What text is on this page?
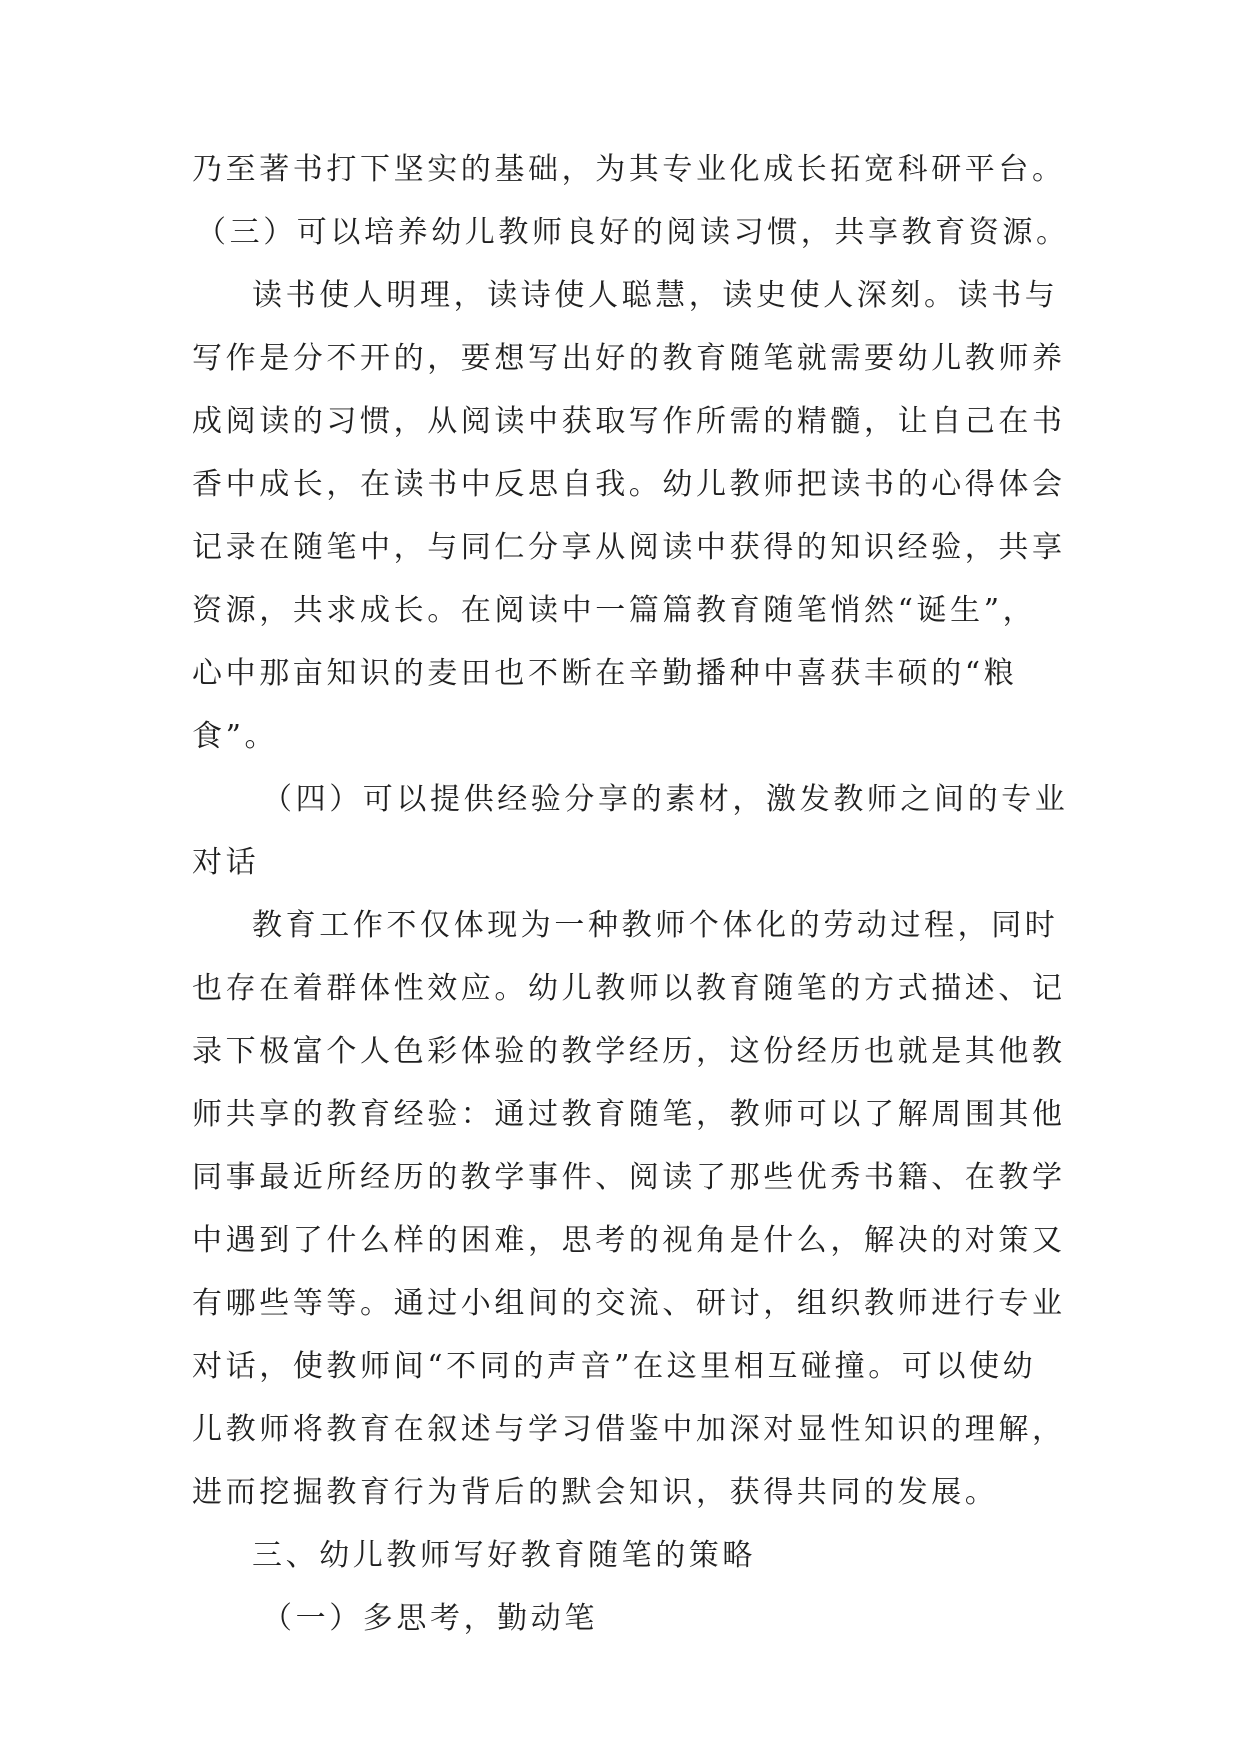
乃至著书打下坚实的基础，为其专业化成长拓宽科研平台。

（三）可以培养幼儿教师良好的阅读习惯，共享教育资源。

读书使人明理，读诗使人聪慧，读史使人深刻。读书与

写作是分不开的，要想写出好的教育随笔就需要幼儿教师养

成阅读的习惯，从阅读中获取写作所需的精髓，让自己在书

香中成长，在读书中反思自我。幼儿教师把读书的心得体会

记录在随笔中，与同仁分享从阅读中获得的知识经验，共享

资源，共求成长。在阅读中一篇篇教育随笔悄然“诞生”，

心中那亩知识的麦田也不断在辛勤播种中喜获丰硕的“粮

食”。

（四）可以提供经验分享的素材，激发教师之间的专业

对话

教育工作不仅体现为一种教师个体化的劳动过程，同时

也存在着群体性效应。幼儿教师以教育随笔的方式描述、记

录下极富个人色彩体验的教学经历，这份经历也就是其他教

师共享的教育经验：通过教育随笔，教师可以了解周围其他

同事最近所经历的教学事件、阅读了那些优秀书籍、在教学

中遇到了什么样的困难，思考的视角是什么，解决的对策又

有哪些等等。通过小组间的交流、研讨，组织教师进行专业

对话，使教师间“不同的声音”在这里相互碰撞。可以使幼

儿教师将教育在叙述与学习借鉴中加深对显性知识的理解，

进而挖掘教育行为背后的默会知识，获得共同的发展。

三、幼儿教师写好教育随笔的策略

（一）多思考，勤动笔
